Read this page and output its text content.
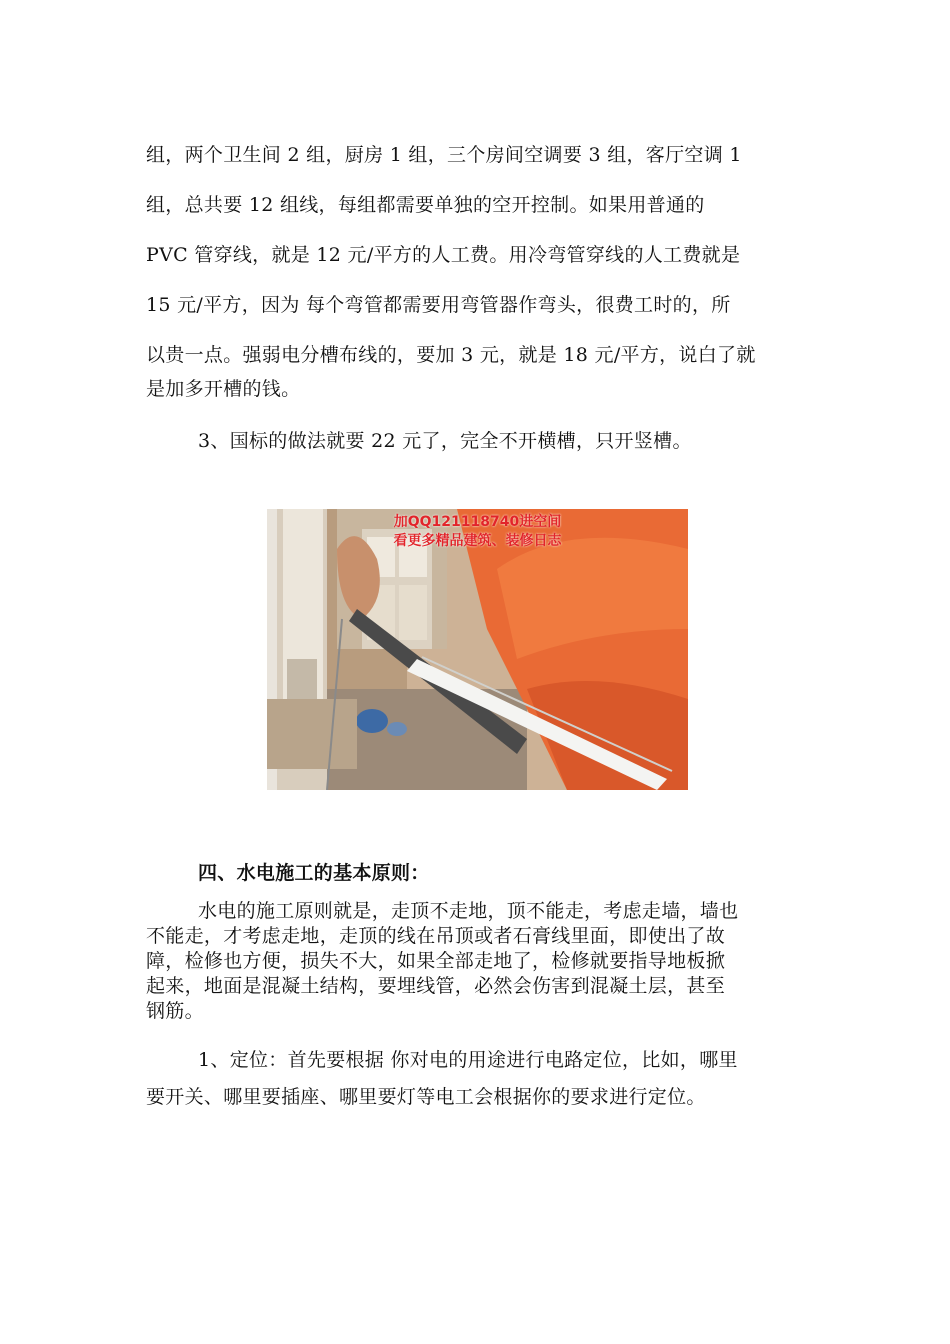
组，两个卫生间 2 组，厨房 1 组，三个房间空调要 3 组，客厅空调 1

组，总共要 12 组线，每组都需要单独的空开控制。如果用普通的

PVC 管穿线，就是 12 元/平方的人工费。用冷弯管穿线的人工费就是

15 元/平方，因为 每个弯管都需要用弯管器作弯头，很费工时的，所

以贵一点。强弱电分槽布线的，要加 3 元，就是 18 元/平方，说白了就

是加多开槽的钱。

3、国标的做法就要 22 元了，完全不开横槽，只开竖槽。

加QQ121118740进空间
看更多精品建筑、装修日志

四、水电施工的基本原则：

水电的施工原则就是，走顶不走地，顶不能走，考虑走墙，墙也

不能走，才考虑走地，走顶的线在吊顶或者石膏线里面，即使出了故

障，检修也方便，损失不大，如果全部走地了，检修就要指导地板掀

起来，地面是混凝土结构，要埋线管，必然会伤害到混凝土层，甚至

钢筋。

1、定位：首先要根据 你对电的用途进行电路定位，比如，哪里

要开关、哪里要插座、哪里要灯等电工会根据你的要求进行定位。
